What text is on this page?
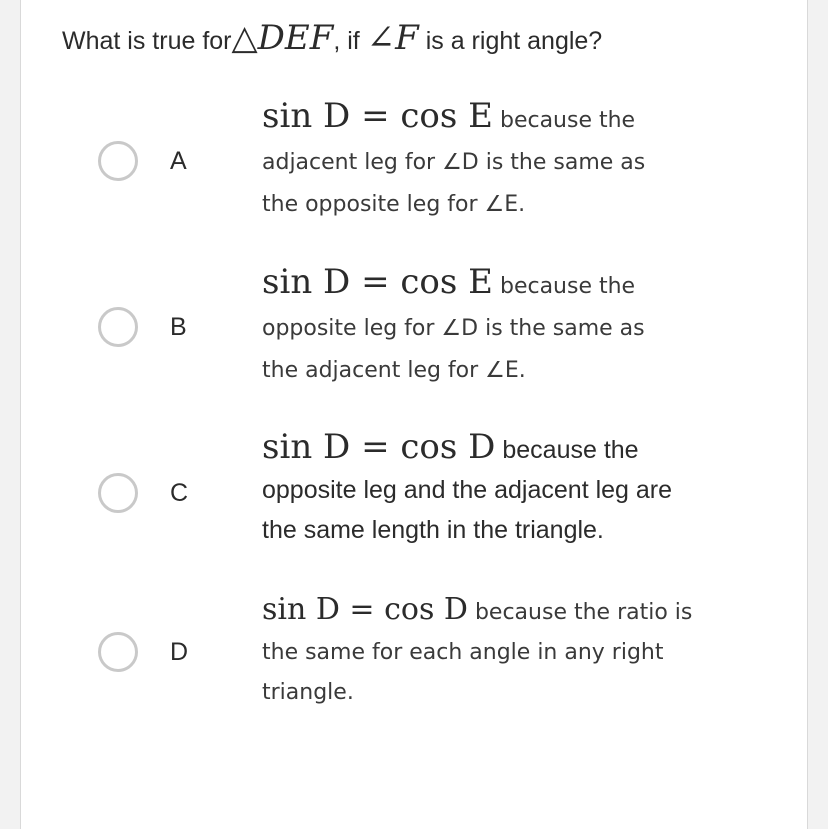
What is true for△DEF, if ∠F is a right angle?
A
sin D = cos E because the
adjacent leg for ∠D is the same as
the opposite leg for ∠E.
B
sin D = cos E because the
opposite leg for ∠D is the same as
the adjacent leg for ∠E.
C
sin D = cos D because the
opposite leg and the adjacent leg are
the same length in the triangle.
D
sin D = cos D because the ratio is
the same for each angle in any right
triangle.
